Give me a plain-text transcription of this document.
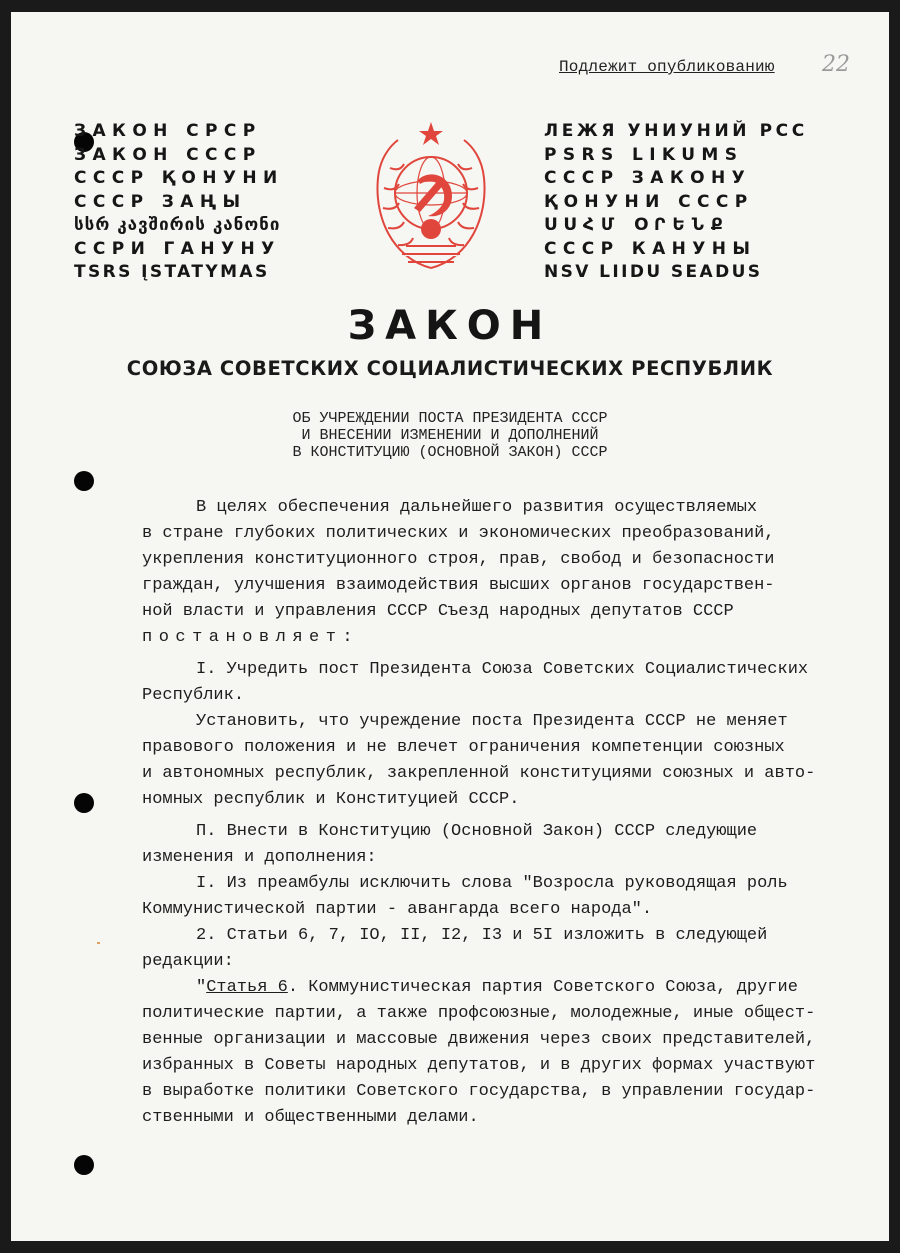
Подлежит опубликованию 22
ЗАКОН СРСР
ЗАКОН СССР
СССР ҚОНУНИ
СССР ЗАҢЫ
სსრ კავშირის კანონი
ССРИ ГАНУНУ
TSRS ĮSTATYMAS
ЛЕЖЯ УНИУНИЙ РСС
PSRS LIKUMS
СССР ЗАКОНУ
ҚОНУНИ СССР
ՍՍՀՄ ՕՐԵՆՔ
СССР КАНУНЫ
NSV LIIDU SEADUS
ЗАКОН
СОЮЗА СОВЕТСКИХ СОЦИАЛИСТИЧЕСКИХ РЕСПУБЛИК
ОБ УЧРЕЖДЕНИИ ПОСТА ПРЕЗИДЕНТА СССР
И ВНЕСЕНИИ ИЗМЕНЕНИИ И ДОПОЛНЕНИЙ
В КОНСТИТУЦИЮ (ОСНОВНОЙ ЗАКОН) СССР
В целях обеспечения дальнейшего развития осуществляемых
в стране глубоких политических и экономических преобразований,
укрепления конституционного строя, прав, свобод и безопасности
граждан, улучшения взаимодействия высших органов государствен-
ной власти и управления СССР Съезд народных депутатов СССР
постановляет:
I. Учредить пост Президента Союза Советских Социалистических
Республик.
Установить, что учреждение поста Президента СССР не меняет
правового положения и не влечет ограничения компетенции союзных
и автономных республик, закрепленной конституциями союзных и авто-
номных республик и Конституцией СССР.
П. Внести в Конституцию (Основной Закон) СССР следующие
изменения и дополнения:
I. Из преамбулы исключить слова "Возросла руководящая роль
Коммунистической партии - авангарда всего народа".
2. Статьи 6, 7, IO, II, I2, I3 и 5I изложить в следующей
редакции:
"Статья 6. Коммунистическая партия Советского Союза, другие
политические партии, а также профсоюзные, молодежные, иные общест-
венные организации и массовые движения через своих представителей,
избранных в Советы народных депутатов, и в других формах участвуют
в выработке политики Советского государства, в управлении государ-
ственными и общественными делами.
